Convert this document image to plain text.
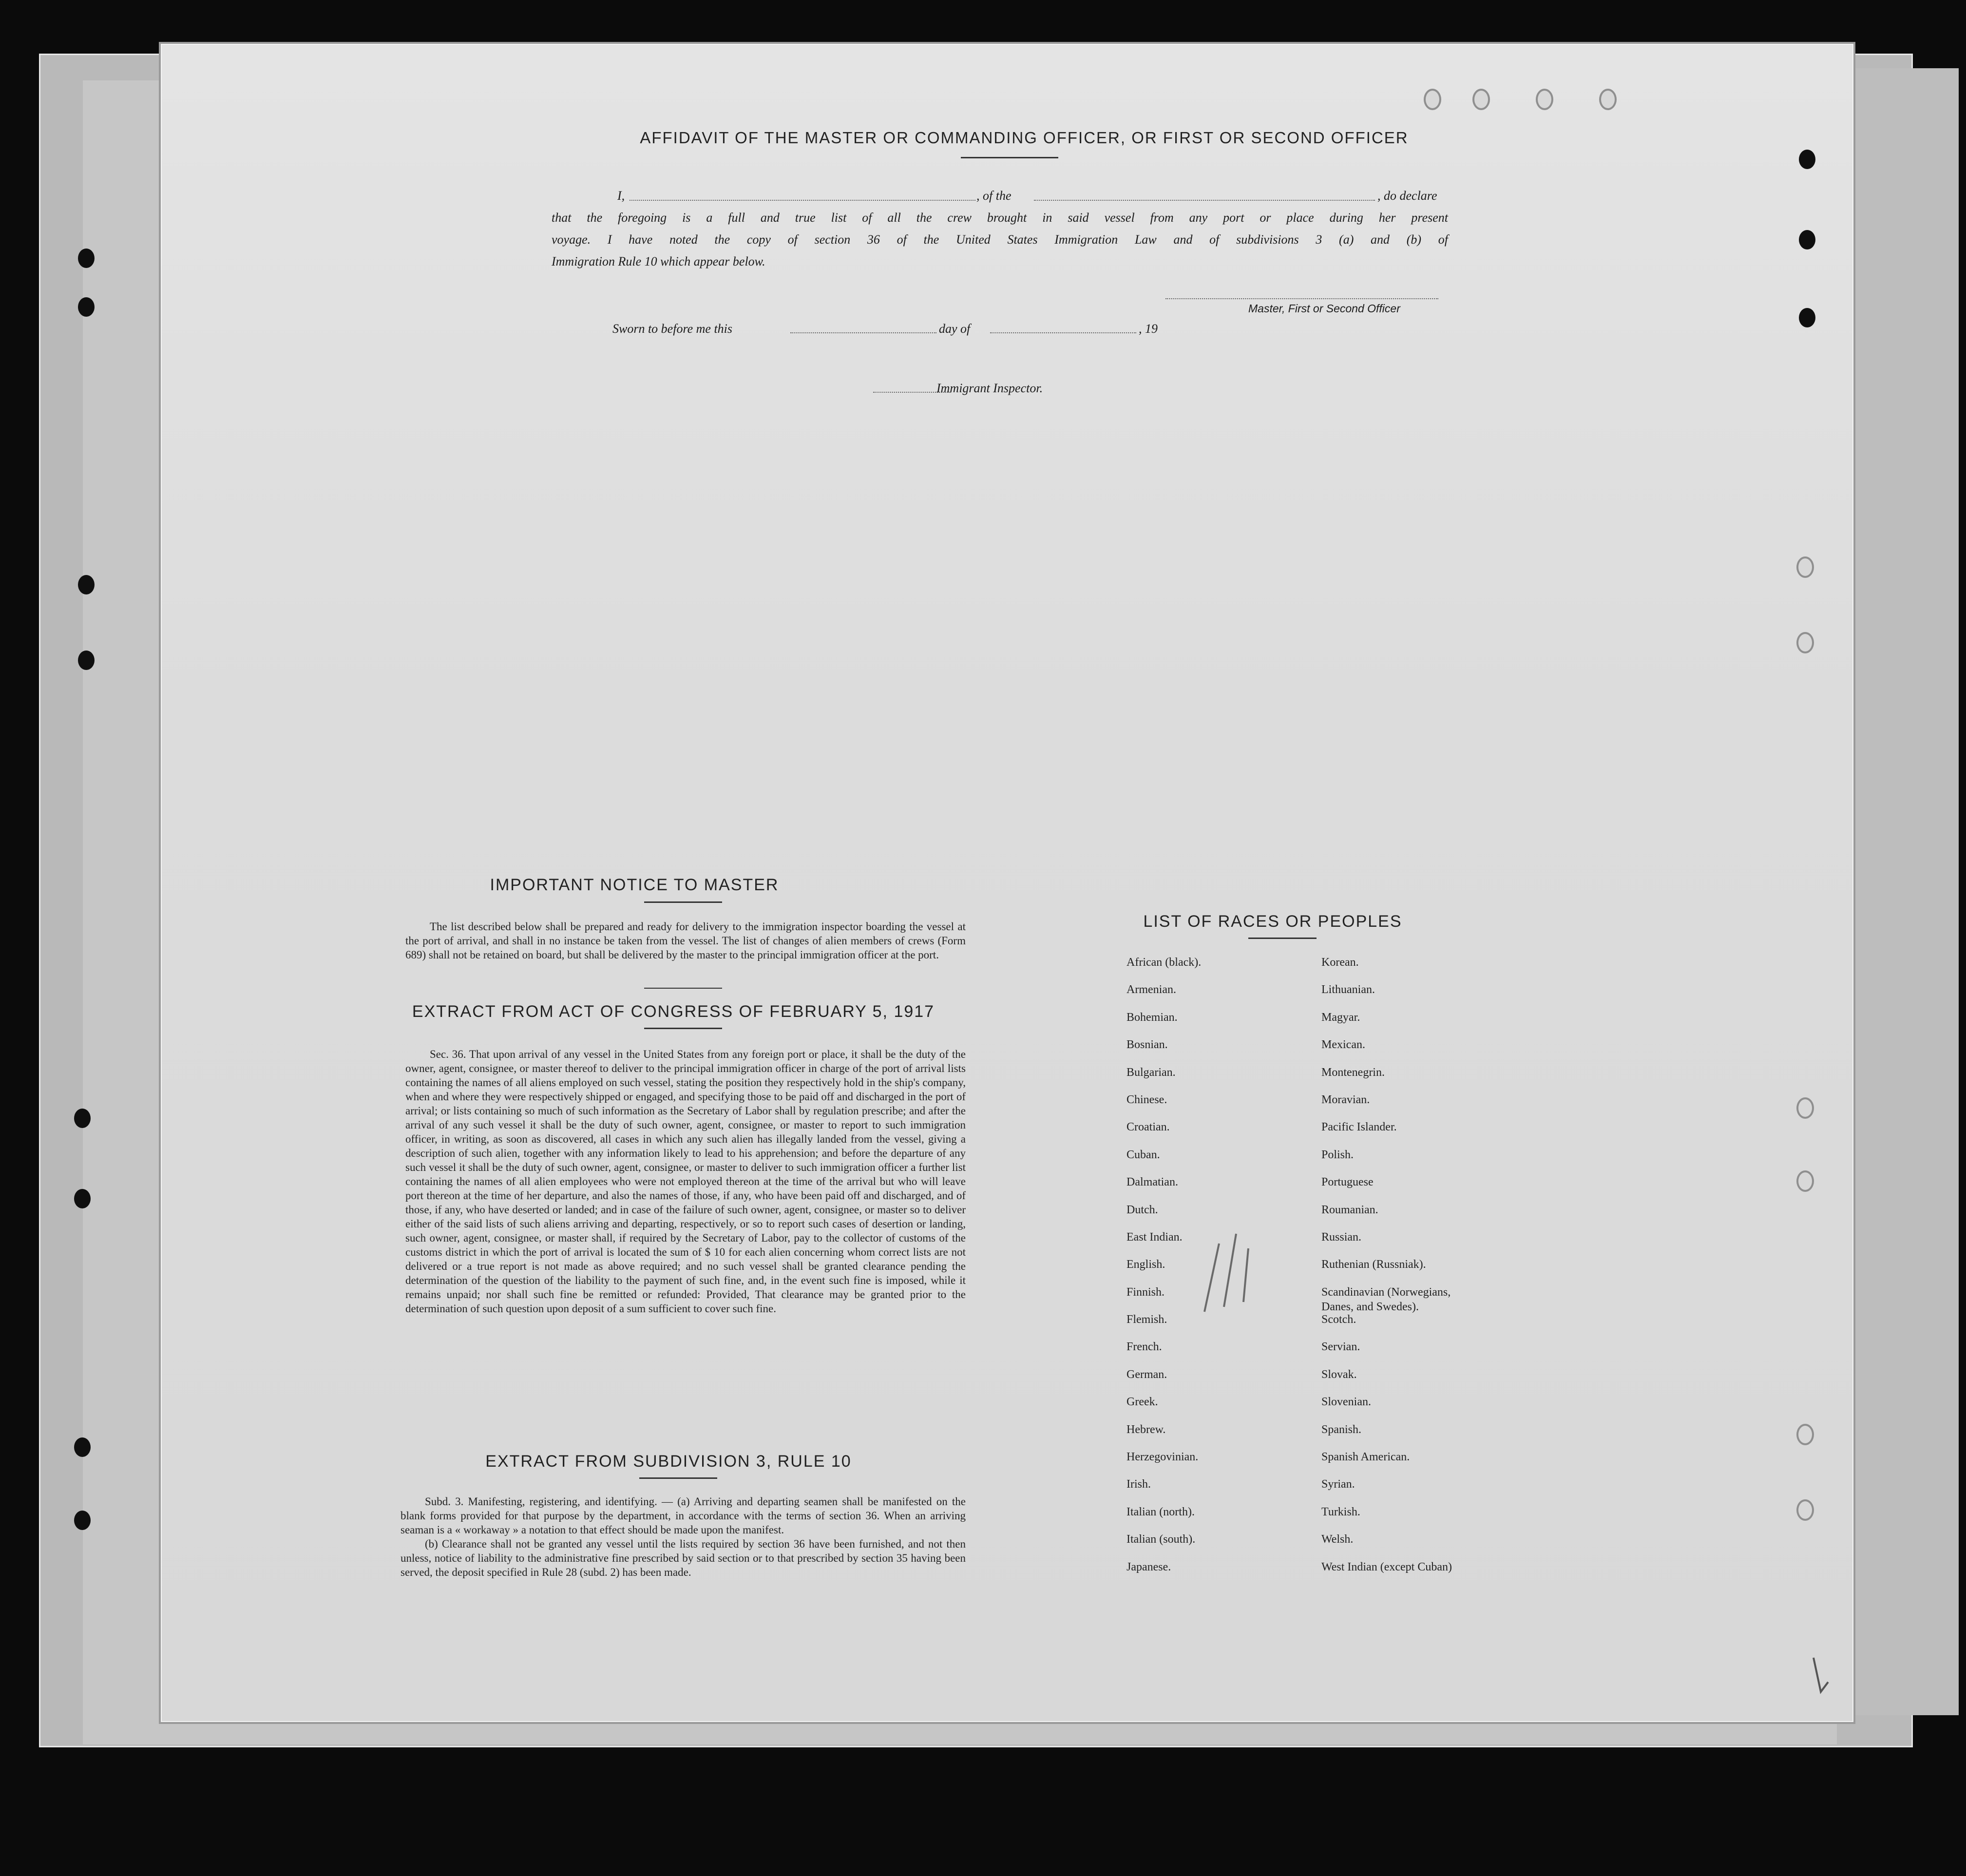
AFFIDAVIT OF THE MASTER OR COMMANDING OFFICER, OR FIRST OR SECOND OFFICER
I,	, of the	, do declare
that the foregoing is a full and true list of all the crew brought in said vessel from any port or place during her present
voyage. I have noted the copy of section 36 of the United States Immigration Law and of subdivisions 3 (a) and (b) of
Immigration Rule 10 which appear below.
Master, First or Second Officer
Sworn to before me this	day of	, 19
Immigrant Inspector.
IMPORTANT NOTICE TO MASTER

The list described below shall be prepared and ready for delivery to the immigration inspector boarding the vessel at the port of arrival, and shall in no instance be taken from the vessel. The list of changes of alien members of crews (Form 689) shall not be retained on board, but shall be delivered by the master to the principal immigration officer at the port.

EXTRACT FROM ACT OF CONGRESS OF FEBRUARY 5, 1917

Sec. 36. That upon arrival of any vessel in the United States from any foreign port or place, it shall be the duty of the owner, agent, consignee, or master thereof to deliver to the principal immigration officer in charge of the port of arrival lists containing the names of all aliens employed on such vessel, stating the position they respectively hold in the ship's company, when and where they were respectively shipped or engaged, and specifying those to be paid off and discharged in the port of arrival; or lists containing so much of such information as the Secretary of Labor shall by regulation prescribe; and after the arrival of any such vessel it shall be the duty of such owner, agent, consignee, or master to report to such immigration officer, in writing, as soon as discovered, all cases in which any such alien has illegally landed from the vessel, giving a description of such alien, together with any information likely to lead to his apprehension; and before the departure of any such vessel it shall be the duty of such owner, agent, consignee, or master to deliver to such immigration officer a further list containing the names of all alien employees who were not employed thereon at the time of the arrival but who will leave port thereon at the time of her departure, and also the names of those, if any, who have been paid off and discharged, and of those, if any, who have deserted or landed; and in case of the failure of such owner, agent, consignee, or master so to deliver either of the said lists of such aliens arriving and departing, respectively, or so to report such cases of desertion or landing, such owner, agent, consignee, or master shall, if required by the Secretary of Labor, pay to the collector of customs of the customs district in which the port of arrival is located the sum of $ 10 for each alien concerning whom correct lists are not delivered or a true report is not made as above required; and no such vessel shall be granted clearance pending the determination of the question of the liability to the payment of such fine, and, in the event such fine is imposed, while it remains unpaid; nor shall such fine be remitted or refunded: Provided, That clearance may be granted prior to the determination of such question upon deposit of a sum sufficient to cover such fine.

EXTRACT FROM SUBDIVISION 3, RULE 10

Subd. 3. Manifesting, registering, and identifying. — (a) Arriving and departing seamen shall be manifested on the blank forms provided for that purpose by the department, in accordance with the terms of section 36. When an arriving seaman is a « workaway » a notation to that effect should be made upon the manifest.

(b) Clearance shall not be granted any vessel until the lists required by section 36 have been furnished, and not then unless, notice of liability to the administrative fine prescribed by said section or to that prescribed by section 35 having been served, the deposit specified in Rule 28 (subd. 2) has been made.

LIST OF RACES OR PEOPLES
African (black).
Armenian.
Bohemian.
Bosnian.
Bulgarian.
Chinese.
Croatian.
Cuban.
Dalmatian.
Dutch.
East Indian.
English.
Finnish.
Flemish.
French.
German.
Greek.
Hebrew.
Herzegovinian.
Irish.
Italian (north).
Italian (south).
Japanese.
Korean.
Lithuanian.
Magyar.
Mexican.
Montenegrin.
Moravian.
Pacific Islander.
Polish.
Portuguese
Roumanian.
Russian.
Ruthenian (Russniak).
Scandinavian (Norwegians,
Danes, and Swedes).
Scotch.
Servian.
Slovak.
Slovenian.
Spanish.
Spanish American.
Syrian.
Turkish.
Welsh.
West Indian (except Cuban)
